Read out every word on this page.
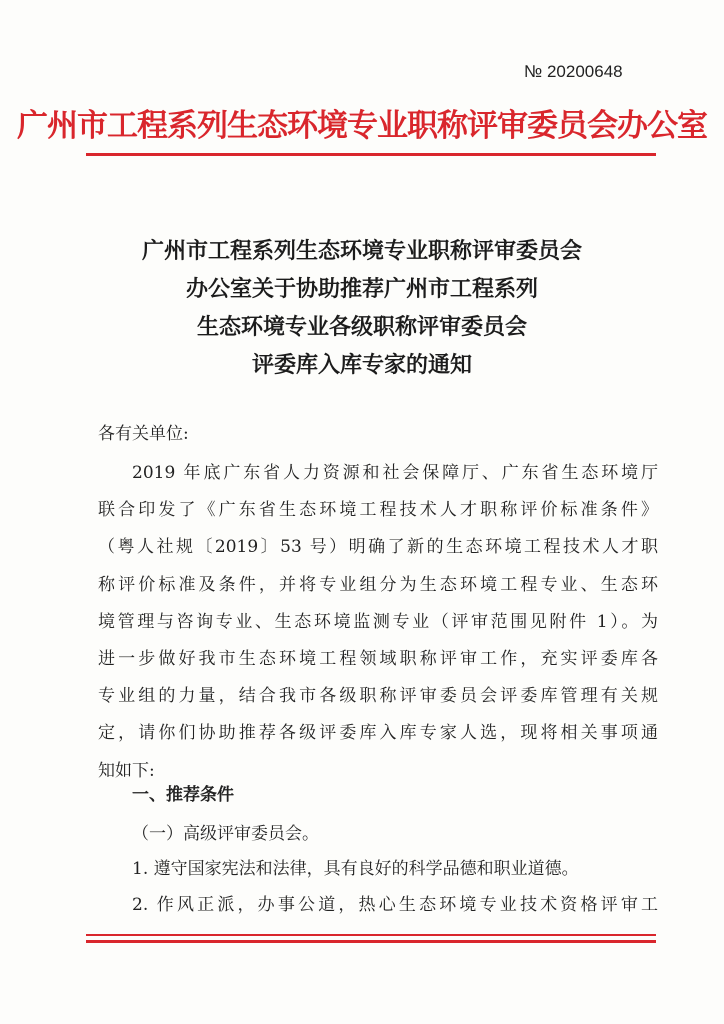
№ 20200648
广州市工程系列生态环境专业职称评审委员会办公室
广州市工程系列生态环境专业职称评审委员会
办公室关于协助推荐广州市工程系列
生态环境专业各级职称评审委员会
评委库入库专家的通知
各有关单位:
2019 年底广东省人力资源和社会保障厅、广东省生态环境厅
联合印发了《广东省生态环境工程技术人才职称评价标准条件》
（粤人社规〔2019〕53 号）明确了新的生态环境工程技术人才职
称评价标准及条件，并将专业组分为生态环境工程专业、生态环
境管理与咨询专业、生态环境监测专业（评审范围见附件 1）。为
进一步做好我市生态环境工程领域职称评审工作，充实评委库各
专业组的力量，结合我市各级职称评审委员会评委库管理有关规
定，请你们协助推荐各级评委库入库专家人选，现将相关事项通
知如下:
一、推荐条件
（一）高级评审委员会。
1. 遵守国家宪法和法律，具有良好的科学品德和职业道德。
2. 作风正派，办事公道，热心生态环境专业技术资格评审工
